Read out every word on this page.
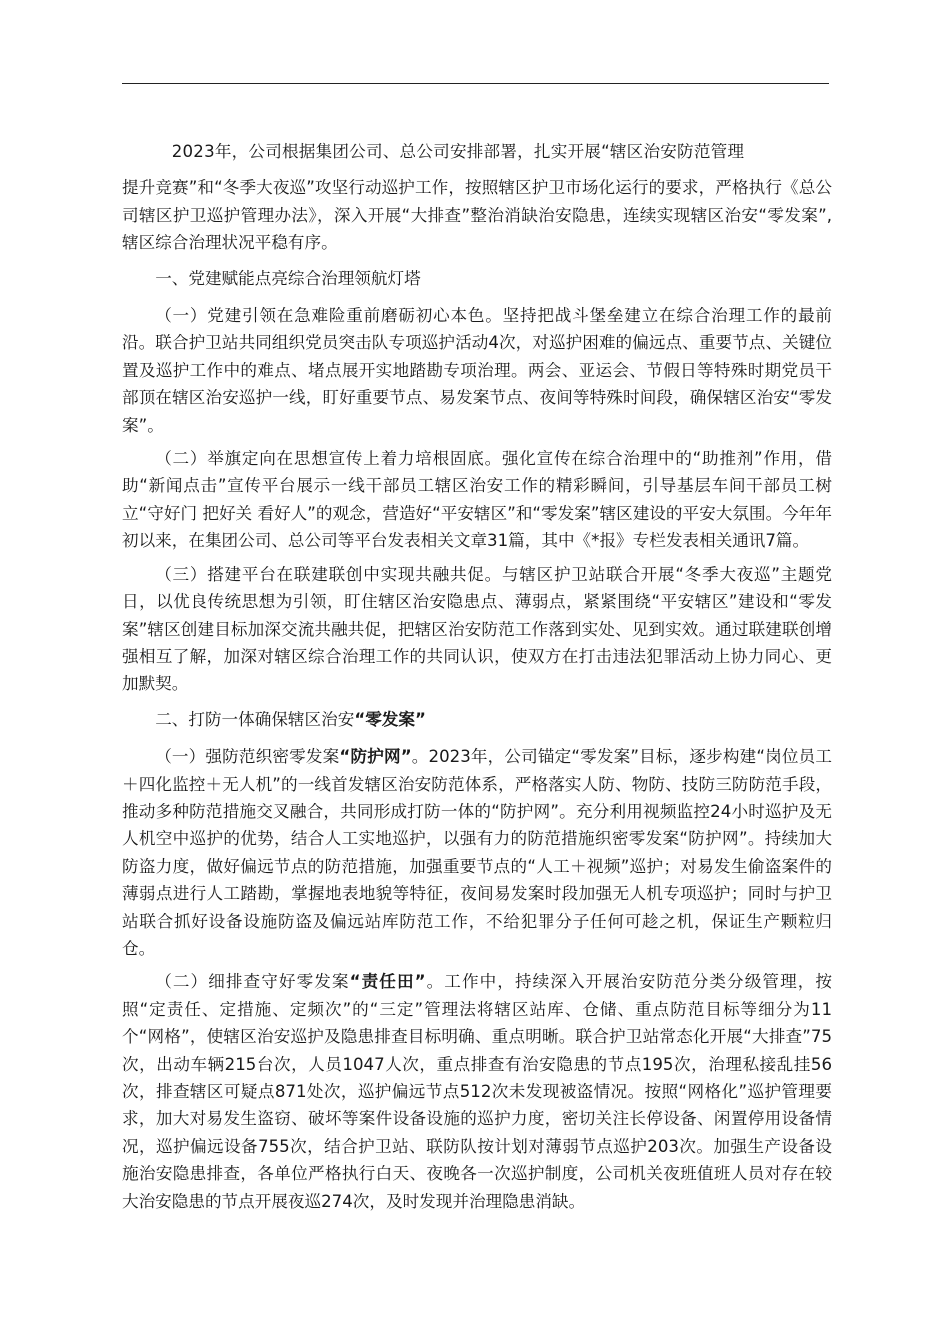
2023年，公司根据集团公司、总公司安排部署，扎实开展“辖区治安防范管理
提升竞赛”和“冬季大夜巡”攻坚行动巡护工作，按照辖区护卫市场化运行的要求，严格执行《总公司辖区护卫巡护管理办法》，深入开展“大排查”整治消缺治安隐患，连续实现辖区治安“零发案”,辖区综合治理状况平稳有序。

一、党建赋能点亮综合治理领航灯塔

（一）党建引领在急难险重前磨砺初心本色。坚持把战斗堡垒建立在综合治理工作的最前沿。联合护卫站共同组织党员突击队专项巡护活动4次，对巡护困难的偏远点、重要节点、关键位置及巡护工作中的难点、堵点展开实地踏勘专项治理。两会、亚运会、节假日等特殊时期党员干部顶在辖区治安巡护一线，盯好重要节点、易发案节点、夜间等特殊时间段，确保辖区治安“零发案”。

（二）举旗定向在思想宣传上着力培根固底。强化宣传在综合治理中的“助推剂”作用，借助“新闻点击”宣传平台展示一线干部员工辖区治安工作的精彩瞬间，引导基层车间干部员工树立“守好门 把好关 看好人”的观念，营造好“平安辖区”和“零发案”辖区建设的平安大氛围。今年年初以来，在集团公司、总公司等平台发表相关文章31篇，其中《*报》专栏发表相关通讯7篇。

（三）搭建平台在联建联创中实现共融共促。与辖区护卫站联合开展“冬季大夜巡”主题党日，以优良传统思想为引领，盯住辖区治安隐患点、薄弱点，紧紧围绕“平安辖区”建设和“零发案”辖区创建目标加深交流共融共促，把辖区治安防范工作落到实处、见到实效。通过联建联创增强相互了解，加深对辖区综合治理工作的共同认识，使双方在打击违法犯罪活动上协力同心、更加默契。

二、打防一体确保辖区治安“零发案”

（一）强防范织密零发案“防护网”。2023年，公司锚定“零发案”目标，逐步构建“岗位员工＋四化监控＋无人机”的一线首发辖区治安防范体系，严格落实人防、物防、技防三防防范手段，推动多种防范措施交叉融合，共同形成打防一体的“防护网”。充分利用视频监控24小时巡护及无人机空中巡护的优势，结合人工实地巡护，以强有力的防范措施织密零发案“防护网”。持续加大防盗力度，做好偏远节点的防范措施，加强重要节点的“人工＋视频”巡护；对易发生偷盗案件的薄弱点进行人工踏勘，掌握地表地貌等特征，夜间易发案时段加强无人机专项巡护；同时与护卫站联合抓好设备设施防盗及偏远站库防范工作，不给犯罪分子任何可趁之机，保证生产颗粒归仓。

（二）细排查守好零发案“责任田”。工作中，持续深入开展治安防范分类分级管理，按照“定责任、定措施、定频次”的“三定”管理法将辖区站库、仓储、重点防范目标等细分为11个“网格”，使辖区治安巡护及隐患排查目标明确、重点明晰。联合护卫站常态化开展“大排查”75次，出动车辆215台次，人员1047人次，重点排查有治安隐患的节点195次，治理私接乱挂56次，排查辖区可疑点871处次，巡护偏远节点512次未发现被盗情况。按照“网格化”巡护管理要求，加大对易发生盗窃、破坏等案件设备设施的巡护力度，密切关注长停设备、闲置停用设备情况，巡护偏远设备755次，结合护卫站、联防队按计划对薄弱节点巡护203次。加强生产设备设施治安隐患排查，各单位严格执行白天、夜晚各一次巡护制度，公司机关夜班值班人员对存在较大治安隐患的节点开展夜巡274次，及时发现并治理隐患消缺。
